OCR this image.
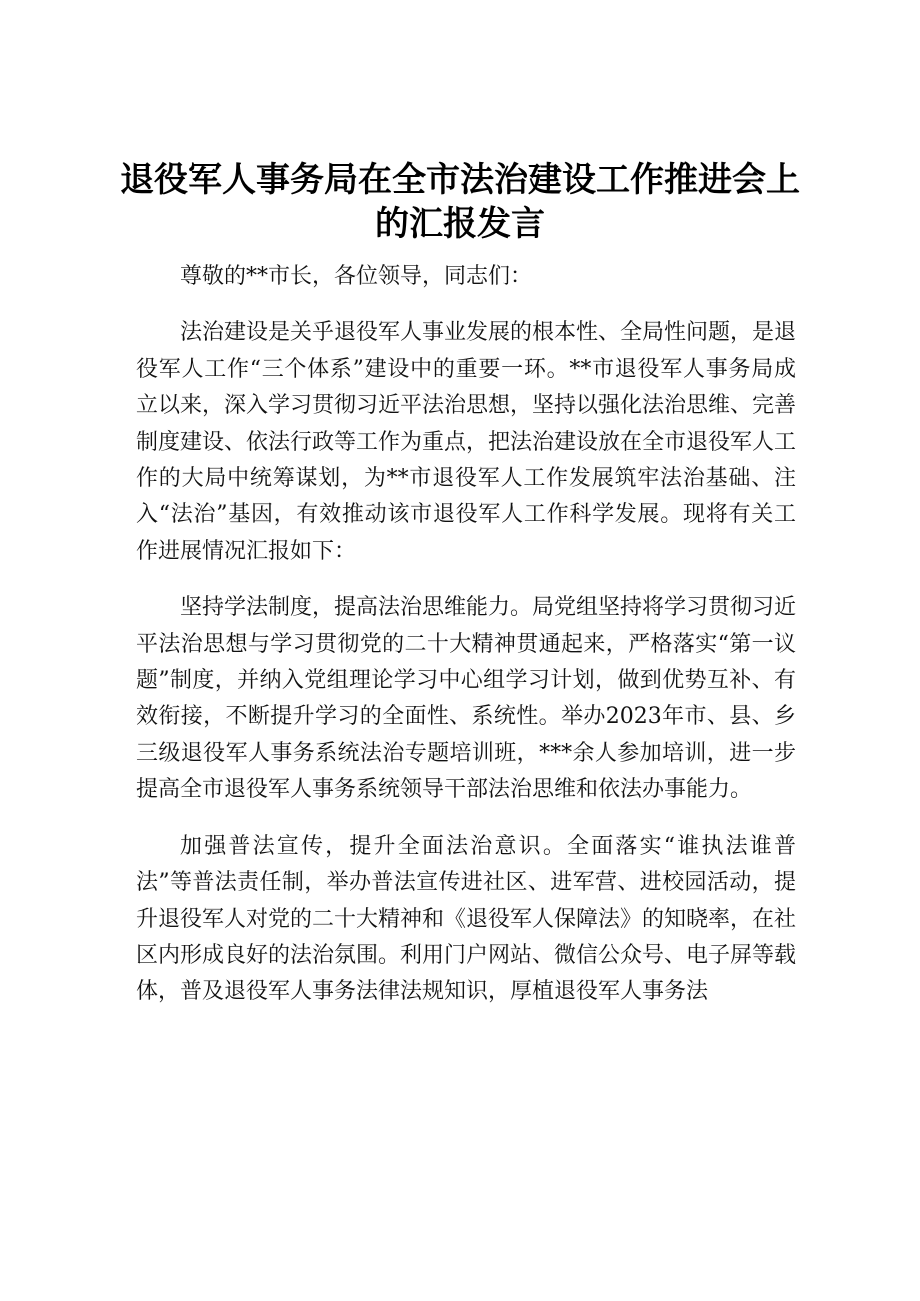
退役军人事务局在全市法治建设工作推进会上
的汇报发言

尊敬的**市长，各位领导，同志们：

法治建设是关乎退役军人事业发展的根本性、全局性问题，是退役军人工作“三个体系”建设中的重要一环。**市退役军人事务局成立以来，深入学习贯彻习近平法治思想，坚持以强化法治思维、完善制度建设、依法行政等工作为重点，把法治建设放在全市退役军人工作的大局中统筹谋划，为**市退役军人工作发展筑牢法治基础、注入“法治”基因，有效推动该市退役军人工作科学发展。现将有关工作进展情况汇报如下：

坚持学法制度，提高法治思维能力。局党组坚持将学习贯彻习近平法治思想与学习贯彻党的二十大精神贯通起来，严格落实“第一议题”制度，并纳入党组理论学习中心组学习计划，做到优势互补、有效衔接，不断提升学习的全面性、系统性。举办2023年市、县、乡三级退役军人事务系统法治专题培训班，***余人参加培训，进一步提高全市退役军人事务系统领导干部法治思维和依法办事能力。

加强普法宣传，提升全面法治意识。全面落实“谁执法谁普法”等普法责任制，举办普法宣传进社区、进军营、进校园活动，提升退役军人对党的二十大精神和《退役军人保障法》的知晓率，在社区内形成良好的法治氛围。利用门户网站、微信公众号、电子屏等载体，普及退役军人事务法律法规知识，厚植退役军人事务法
